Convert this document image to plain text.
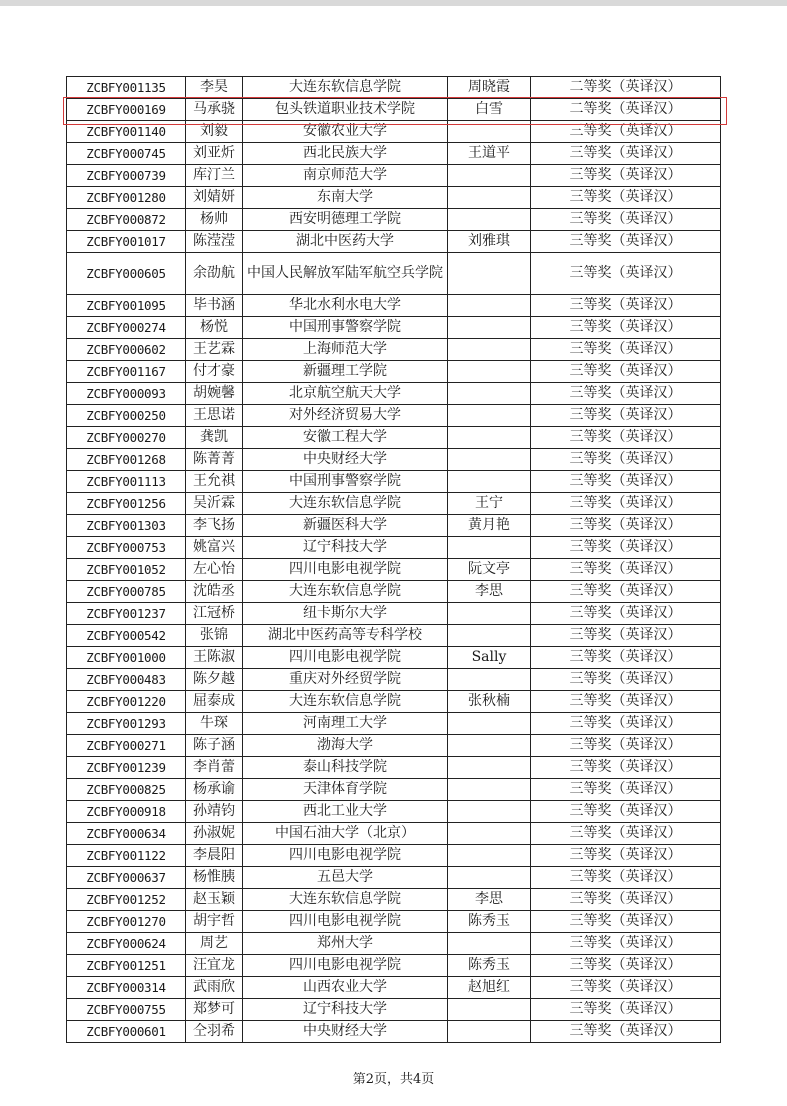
ZCBFY001135	李昊	大连东软信息学院	周晓霞	二等奖（英译汉）
ZCBFY000169	马承骁	包头铁道职业技术学院	白雪	二等奖（英译汉）
ZCBFY001140	刘毅	安徽农业大学		三等奖（英译汉）
ZCBFY000745	刘亚炘	西北民族大学	王道平	三等奖（英译汉）
ZCBFY000739	库汀兰	南京师范大学		三等奖（英译汉）
ZCBFY001280	刘婧妍	东南大学		三等奖（英译汉）
ZCBFY000872	杨帅	西安明德理工学院		三等奖（英译汉）
ZCBFY001017	陈滢滢	湖北中医药大学	刘雅琪	三等奖（英译汉）
ZCBFY000605	余劭航	中国人民解放军陆军航空兵学院		三等奖（英译汉）
ZCBFY001095	毕书涵	华北水利水电大学		三等奖（英译汉）
ZCBFY000274	杨悦	中国刑事警察学院		三等奖（英译汉）
ZCBFY000602	王艺霖	上海师范大学		三等奖（英译汉）
ZCBFY001167	付才豪	新疆理工学院		三等奖（英译汉）
ZCBFY000093	胡婉馨	北京航空航天大学		三等奖（英译汉）
ZCBFY000250	王思诺	对外经济贸易大学		三等奖（英译汉）
ZCBFY000270	龚凯	安徽工程大学		三等奖（英译汉）
ZCBFY001268	陈菁菁	中央财经大学		三等奖（英译汉）
ZCBFY001113	王允祺	中国刑事警察学院		三等奖（英译汉）
ZCBFY001256	吴沂霖	大连东软信息学院	王宁	三等奖（英译汉）
ZCBFY001303	李飞扬	新疆医科大学	黄月艳	三等奖（英译汉）
ZCBFY000753	姚富兴	辽宁科技大学		三等奖（英译汉）
ZCBFY001052	左心怡	四川电影电视学院	阮文亭	三等奖（英译汉）
ZCBFY000785	沈皓丞	大连东软信息学院	李思	三等奖（英译汉）
ZCBFY001237	江冠桥	纽卡斯尔大学		三等奖（英译汉）
ZCBFY000542	张锦	湖北中医药高等专科学校		三等奖（英译汉）
ZCBFY001000	王陈淑	四川电影电视学院	Sally	三等奖（英译汉）
ZCBFY000483	陈夕越	重庆对外经贸学院		三等奖（英译汉）
ZCBFY001220	屈泰成	大连东软信息学院	张秋楠	三等奖（英译汉）
ZCBFY001293	牛琛	河南理工大学		三等奖（英译汉）
ZCBFY000271	陈子涵	渤海大学		三等奖（英译汉）
ZCBFY001239	李肖蕾	泰山科技学院		三等奖（英译汉）
ZCBFY000825	杨承谕	天津体育学院		三等奖（英译汉）
ZCBFY000918	孙靖钧	西北工业大学		三等奖（英译汉）
ZCBFY000634	孙淑妮	中国石油大学（北京）		三等奖（英译汉）
ZCBFY001122	李晨阳	四川电影电视学院		三等奖（英译汉）
ZCBFY000637	杨惟胰	五邑大学		三等奖（英译汉）
ZCBFY001252	赵玉颖	大连东软信息学院	李思	三等奖（英译汉）
ZCBFY001270	胡宇哲	四川电影电视学院	陈秀玉	三等奖（英译汉）
ZCBFY000624	周艺	郑州大学		三等奖（英译汉）
ZCBFY001251	汪宜龙	四川电影电视学院	陈秀玉	三等奖（英译汉）
ZCBFY000314	武雨欣	山西农业大学	赵旭红	三等奖（英译汉）
ZCBFY000755	郑梦可	辽宁科技大学		三等奖（英译汉）
ZCBFY000601	仝羽希	中央财经大学		三等奖（英译汉）
第2页，共4页
